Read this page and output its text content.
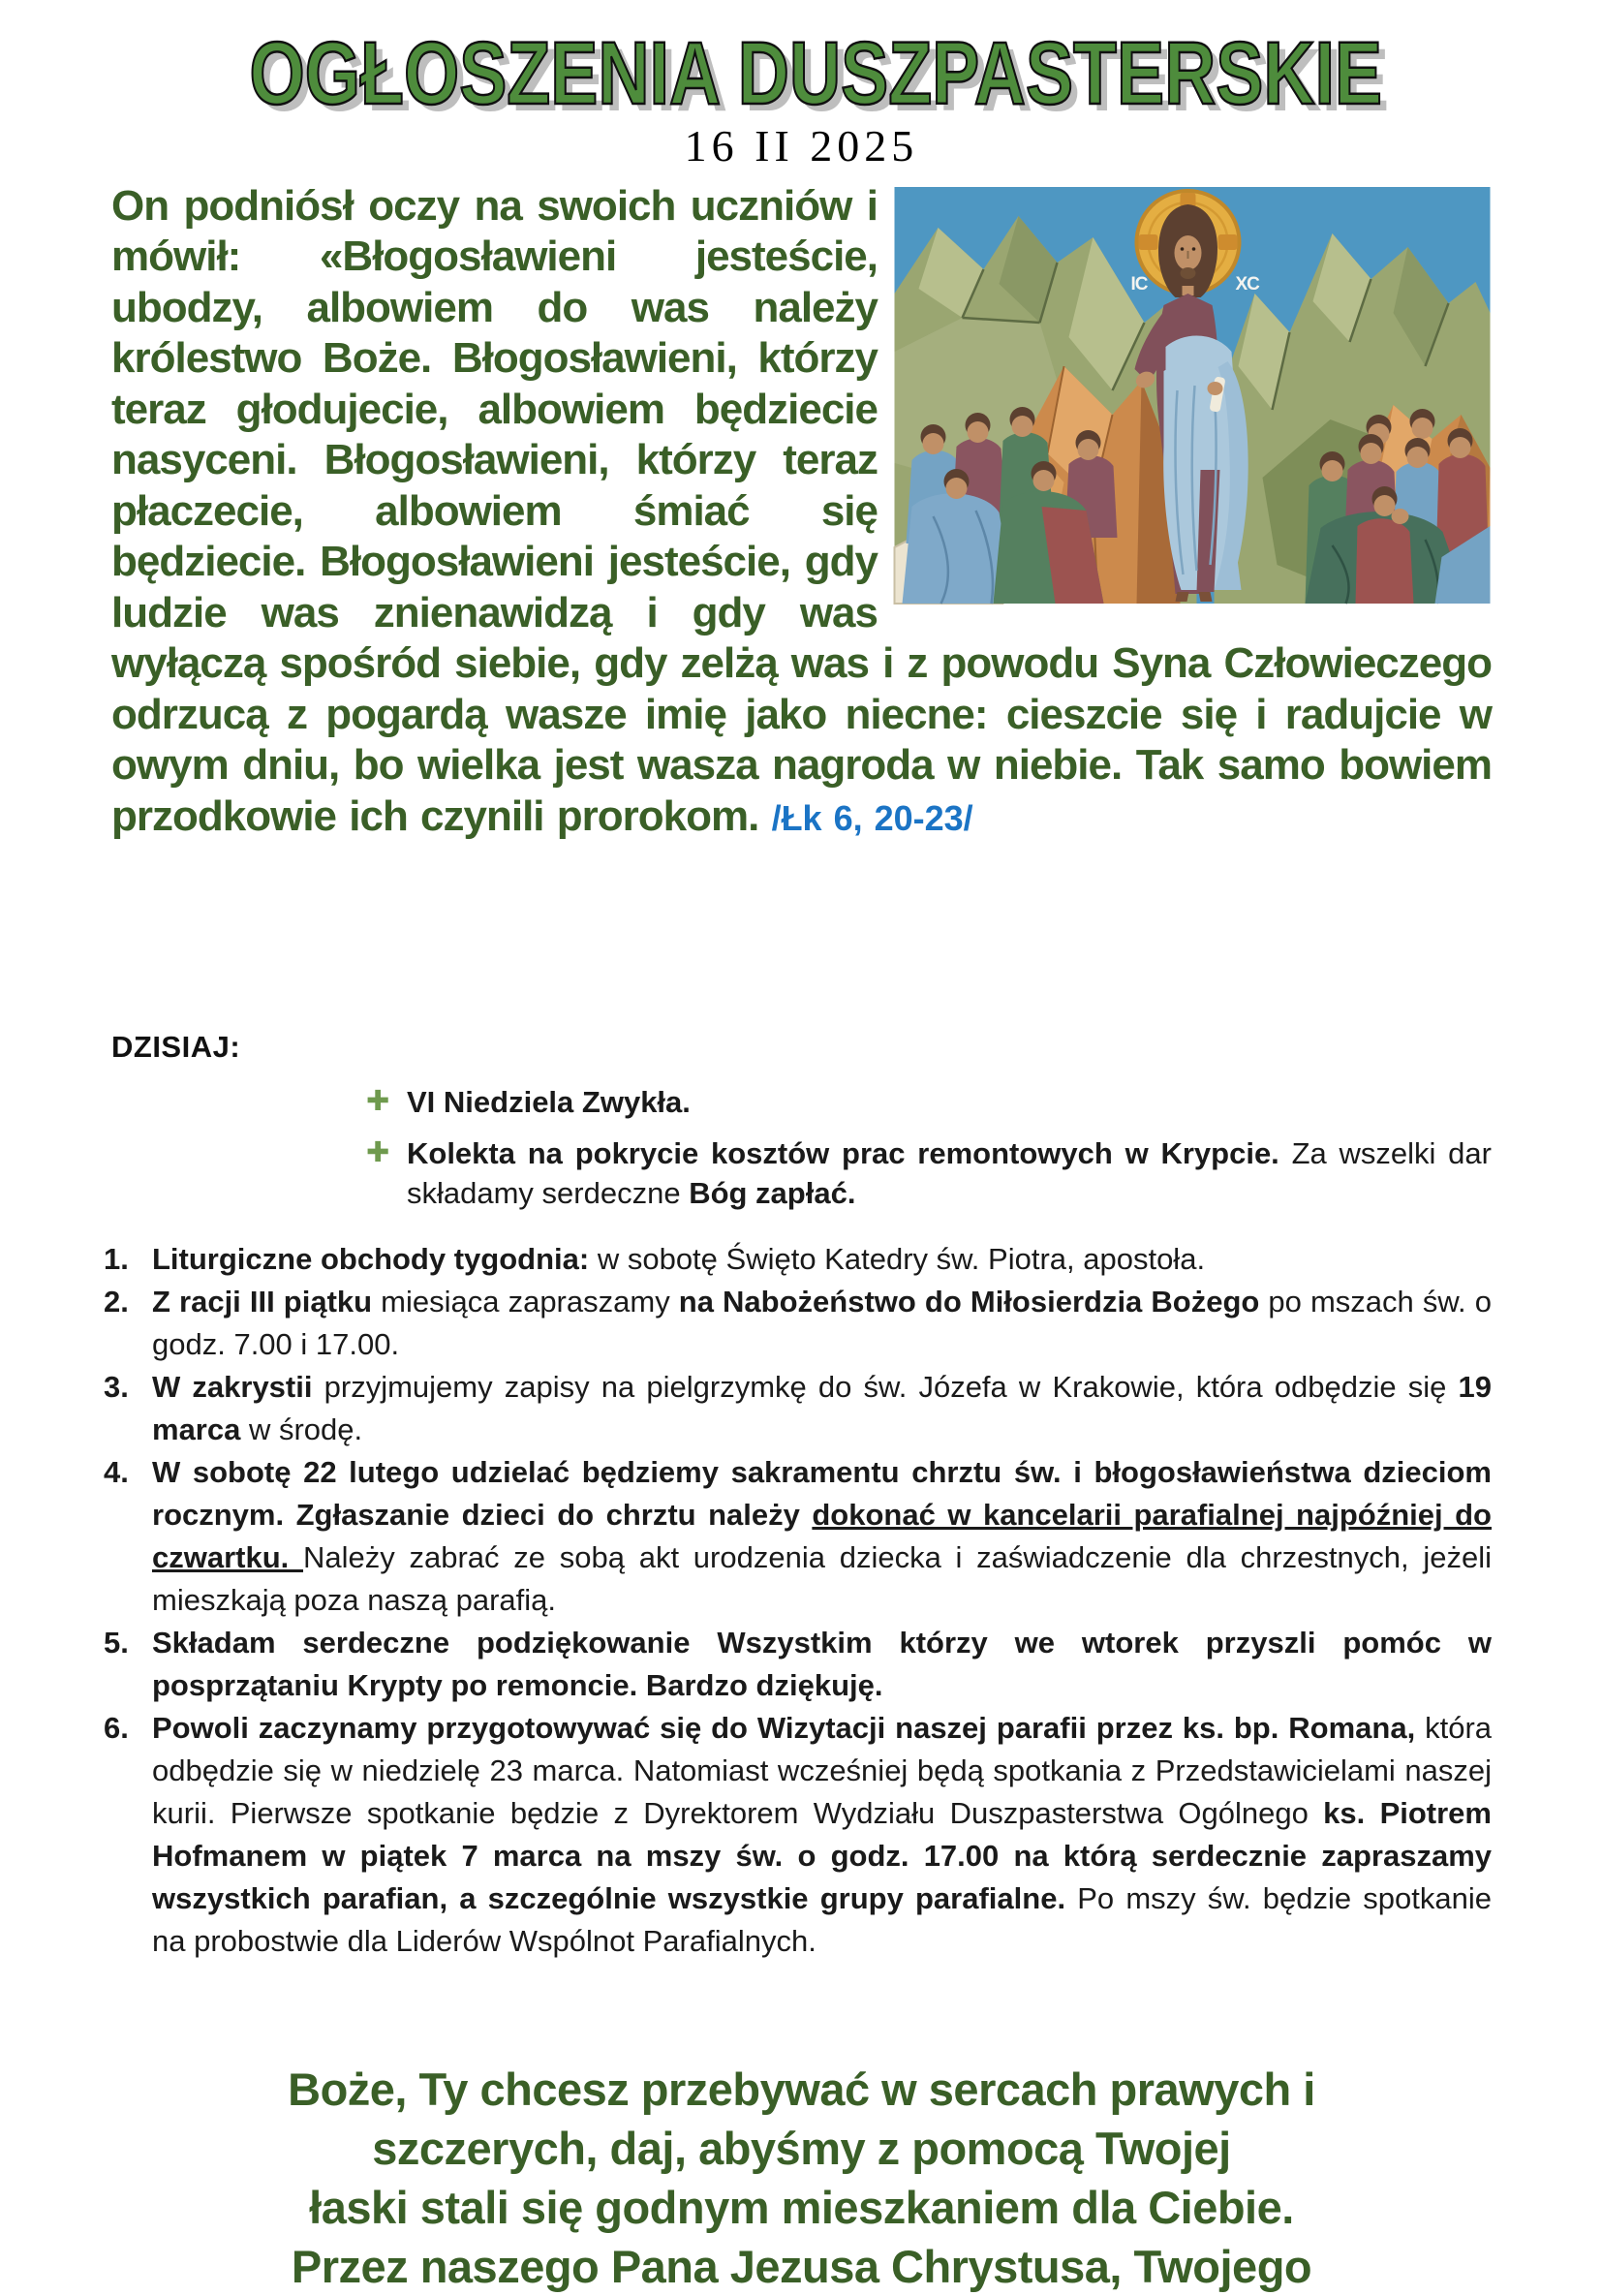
OGŁOSZENIA DUSZPASTERSKIE
16 II 2025
IC	XC
On podniósł oczy na swoich uczniów i mówił: «Błogosławieni jesteście, ubodzy, albowiem do was należy królestwo Boże. Błogosławieni, którzy teraz głodujecie, albowiem będziecie nasyceni. Błogosławieni, którzy teraz płaczecie, albowiem śmiać się będziecie. Błogosławieni jesteście, gdy ludzie was znienawidzą i gdy was wyłączą spośród siebie, gdy zelżą was i z powodu Syna Człowieczego odrzucą z pogardą wasze imię jako niecne: cieszcie się i radujcie w owym dniu, bo wielka jest wasza nagroda w niebie. Tak samo bowiem przodkowie ich czynili prorokom. /Łk 6, 20-23/
DZISIAJ:
✚ VI Niedziela Zwykła.
✚ Kolekta na pokrycie kosztów prac remontowych w Krypcie. Za wszelki dar składamy serdeczne Bóg zapłać.
1. Liturgiczne obchody tygodnia: w sobotę Święto Katedry św. Piotra, apostoła.
2. Z racji III piątku miesiąca zapraszamy na Nabożeństwo do Miłosierdzia Bożego po mszach św. o godz. 7.00 i 17.00.
3. W zakrystii przyjmujemy zapisy na pielgrzymkę do św. Józefa w Krakowie, która odbędzie się 19 marca w środę.
4. W sobotę 22 lutego udzielać będziemy sakramentu chrztu św. i błogosławieństwa dzieciom rocznym. Zgłaszanie dzieci do chrztu należy dokonać w kancelarii parafialnej najpóźniej do czwartku. Należy zabrać ze sobą akt urodzenia dziecka i zaświadczenie dla chrzestnych, jeżeli mieszkają poza naszą parafią.
5. Składam serdeczne podziękowanie Wszystkim którzy we wtorek przyszli pomóc w posprzątaniu Krypty po remoncie. Bardzo dziękuję.
6. Powoli zaczynamy przygotowywać się do Wizytacji naszej parafii przez ks. bp. Romana, która odbędzie się w niedzielę 23 marca. Natomiast wcześniej będą spotkania z Przedstawicielami naszej kurii. Pierwsze spotkanie będzie z Dyrektorem Wydziału Duszpasterstwa Ogólnego ks. Piotrem Hofmanem w piątek 7 marca na mszy św. o godz. 17.00 na którą serdecznie zapraszamy wszystkich parafian, a szczególnie wszystkie grupy parafialne. Po mszy św. będzie spotkanie na probostwie dla Liderów Wspólnot Parafialnych.
Boże, Ty chcesz przebywać w sercach prawych i
szczerych, daj, abyśmy z pomocą Twojej
łaski stali się godnym mieszkaniem dla Ciebie.
Przez naszego Pana Jezusa Chrystusa, Twojego
